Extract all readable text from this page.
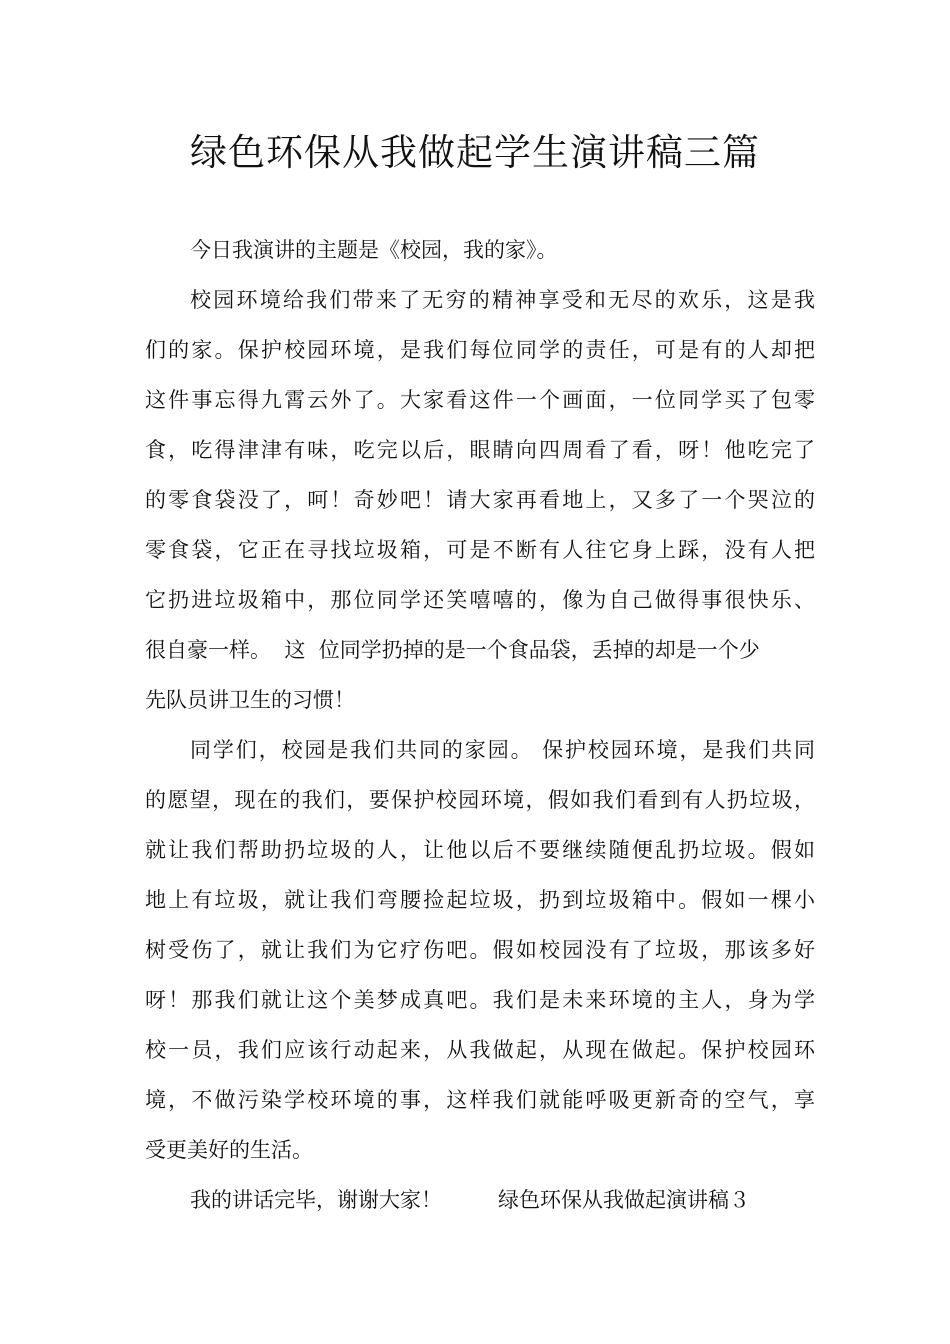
绿色环保从我做起学生演讲稿三篇

今日我演讲的主题是《校园，我的家》。

校园环境给我们带来了无穷的精神享受和无尽的欢乐，这是我

们的家。保护校园环境，是我们每位同学的责任，可是有的人却把

这件事忘得九霄云外了。大家看这件一个画面，一位同学买了包零

食，吃得津津有味，吃完以后，眼睛向四周看了看，呀！他吃完了

的零食袋没了，呵！奇妙吧！请大家再看地上，又多了一个哭泣的

零食袋，它正在寻找垃圾箱，可是不断有人往它身上踩，没有人把

它扔进垃圾箱中，那位同学还笑嘻嘻的，像为自己做得事很快乐、

很自豪一样。  这  位同学扔掉的是一个食品袋，丢掉的却是一个少

先队员讲卫生的习惯！

同学们，校园是我们共同的家园。 保护校园环境，是我们共同

的愿望，现在的我们，要保护校园环境，假如我们看到有人扔垃圾，

就让我们帮助扔垃圾的人，让他以后不要继续随便乱扔垃圾。假如

地上有垃圾，就让我们弯腰捡起垃圾，扔到垃圾箱中。假如一棵小

树受伤了，就让我们为它疗伤吧。假如校园没有了垃圾，那该多好

呀！那我们就让这个美梦成真吧。我们是未来环境的主人，身为学

校一员，我们应该行动起来，从我做起，从现在做起。保护校园环

境，不做污染学校环境的事，这样我们就能呼吸更新奇的空气，享

受更美好的生活。

我的讲话完毕，谢谢大家！	绿色环保从我做起演讲稿３
